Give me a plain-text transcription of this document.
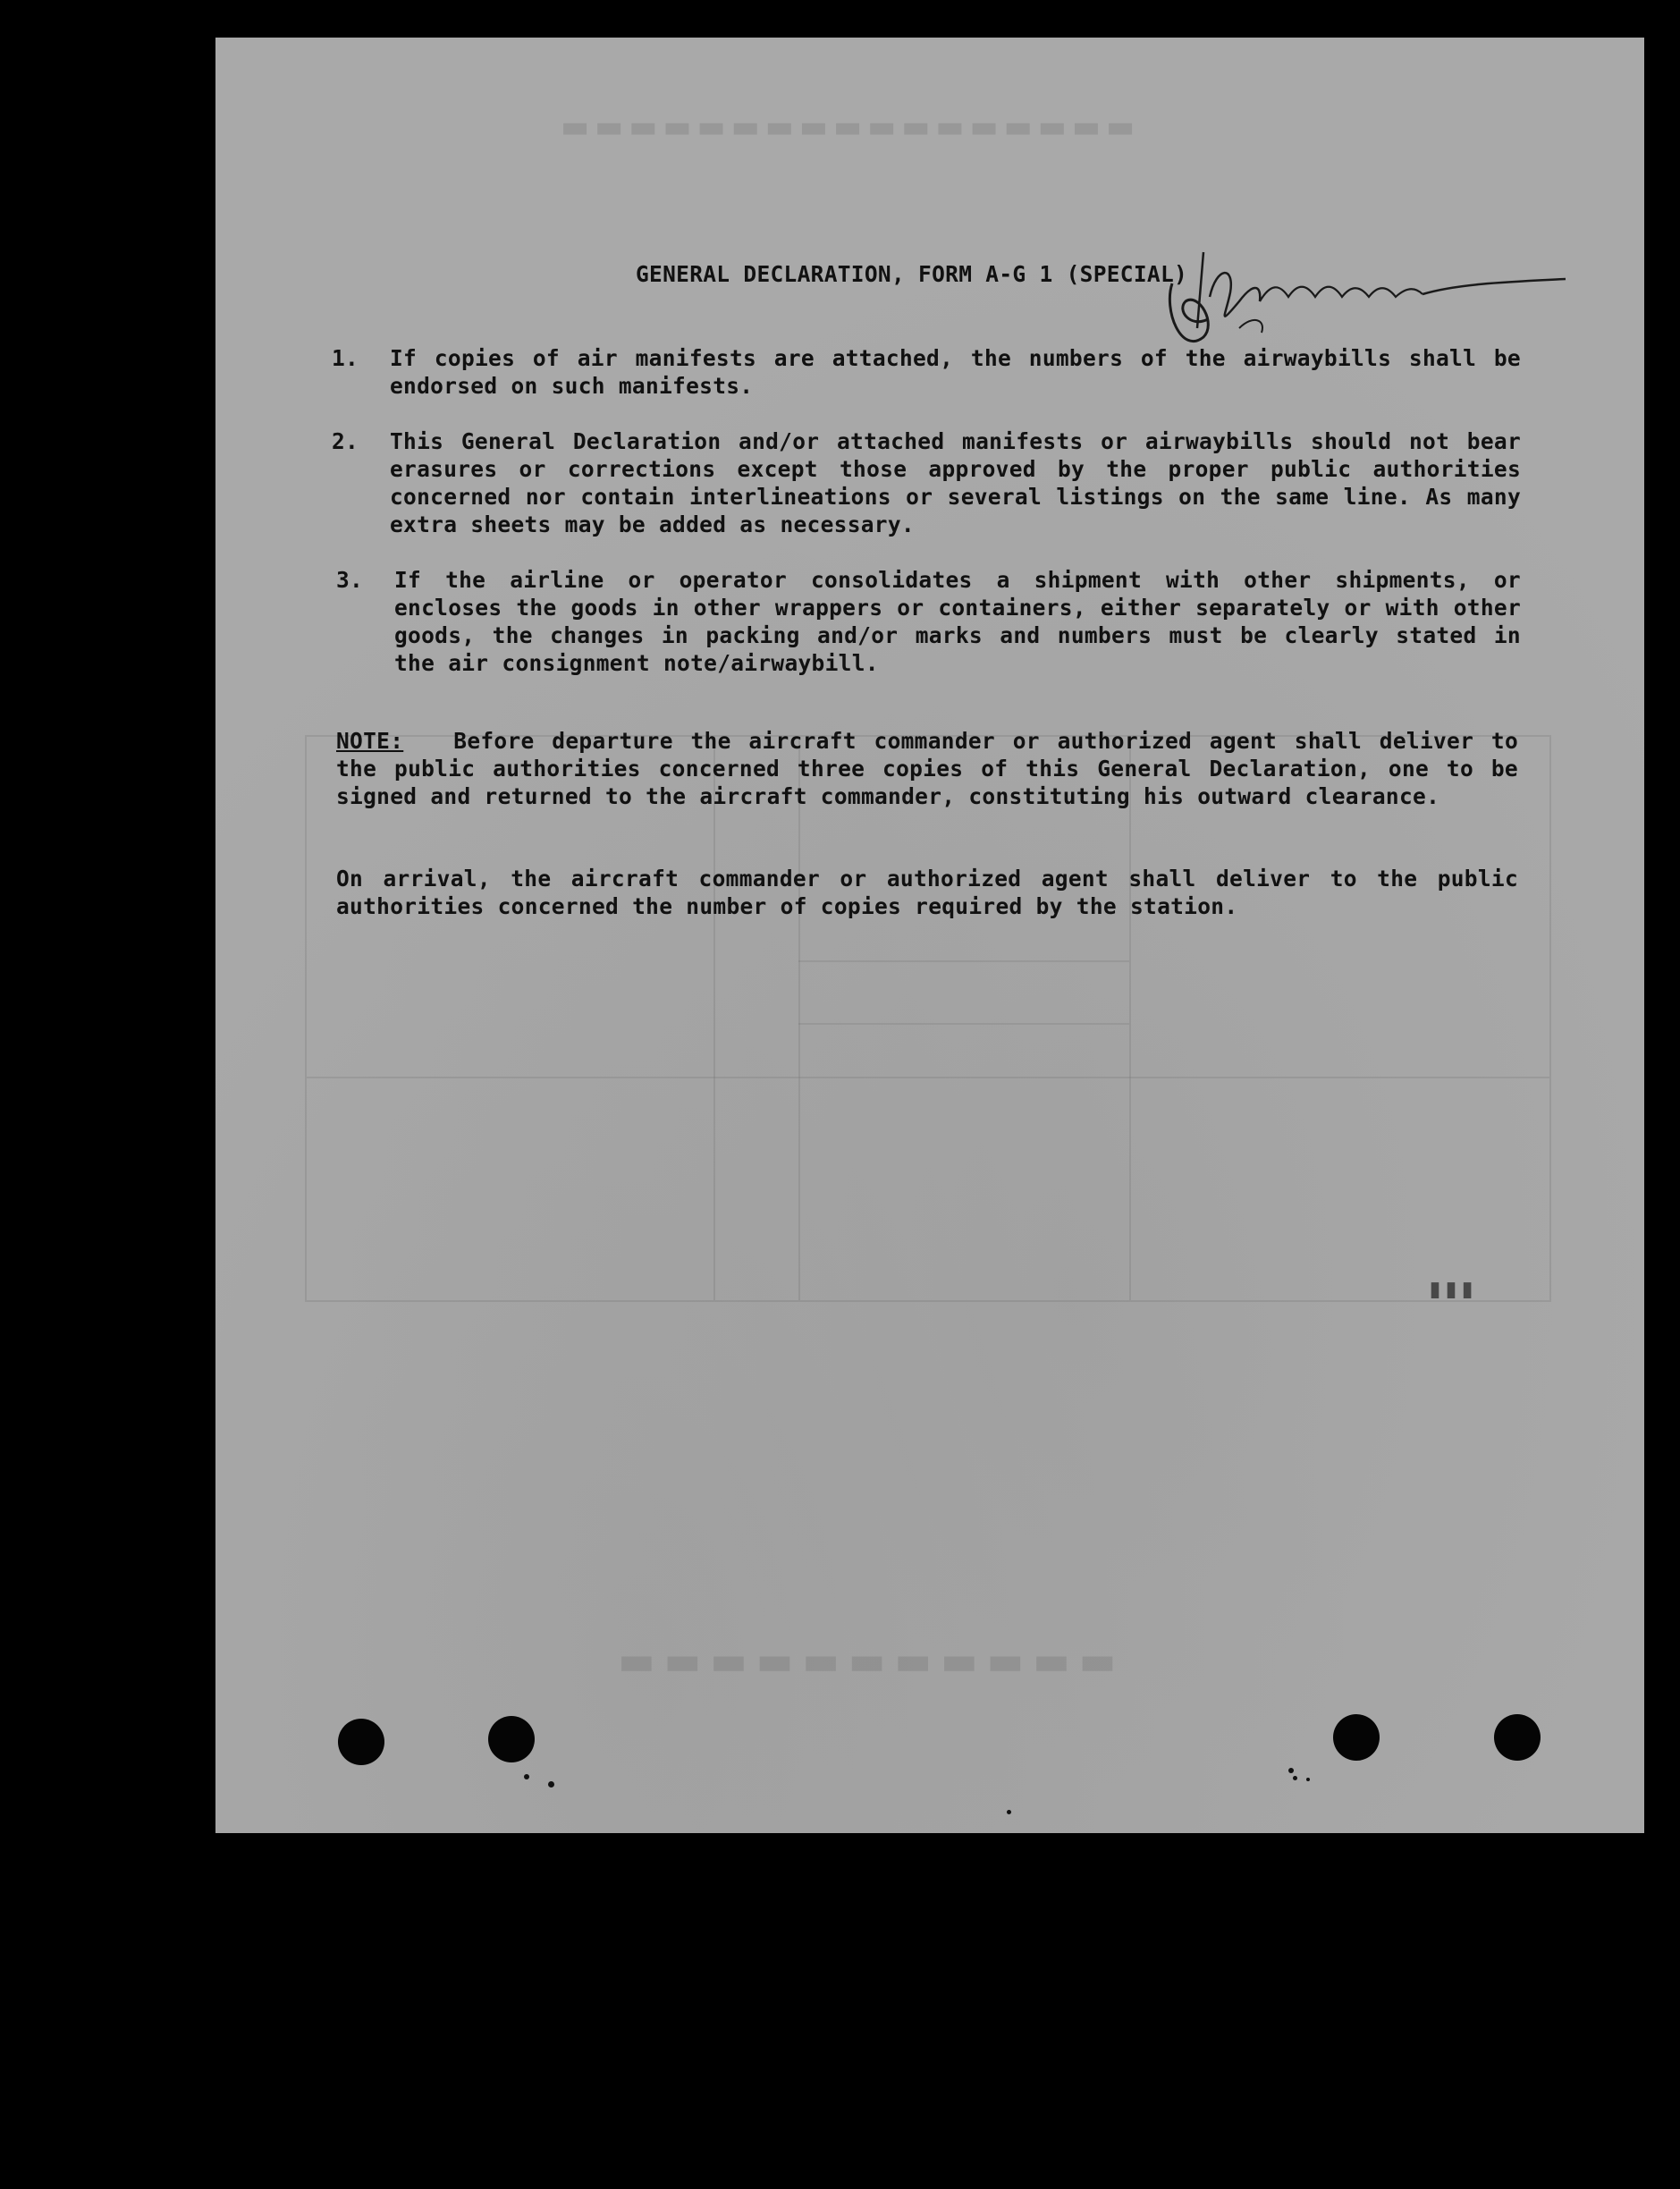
▬▬▬▬▬▬▬▬▬▬▬▬▬▬▬▬▬
▬▬▬▬▬▬▬▬▬▬▬
GENERAL DECLARATION, FORM A-G 1 (SPECIAL)
1. If copies of air manifests are attached, the numbers of the airwaybills shall be endorsed on such manifests.
2. This General Declaration and/or attached manifests or airwaybills should not bear erasures or corrections except those approved by the proper public authorities concerned nor contain interlineations or several listings on the same line. As many extra sheets may be added as necessary.
3. If the airline or operator consolidates a shipment with other shipments, or encloses the goods in other wrappers or containers, either separately or with other goods, the changes in packing and/or marks and numbers must be clearly stated in the air consignment note/airwaybill.
NOTE: Before departure the aircraft commander or authorized agent shall deliver to the public authorities concerned three copies of this General Declaration, one to be signed and returned to the aircraft commander, constituting his outward clearance.
On arrival, the aircraft commander or authorized agent shall deliver to the public authorities concerned the number of copies required by the station.
▮▮▮
